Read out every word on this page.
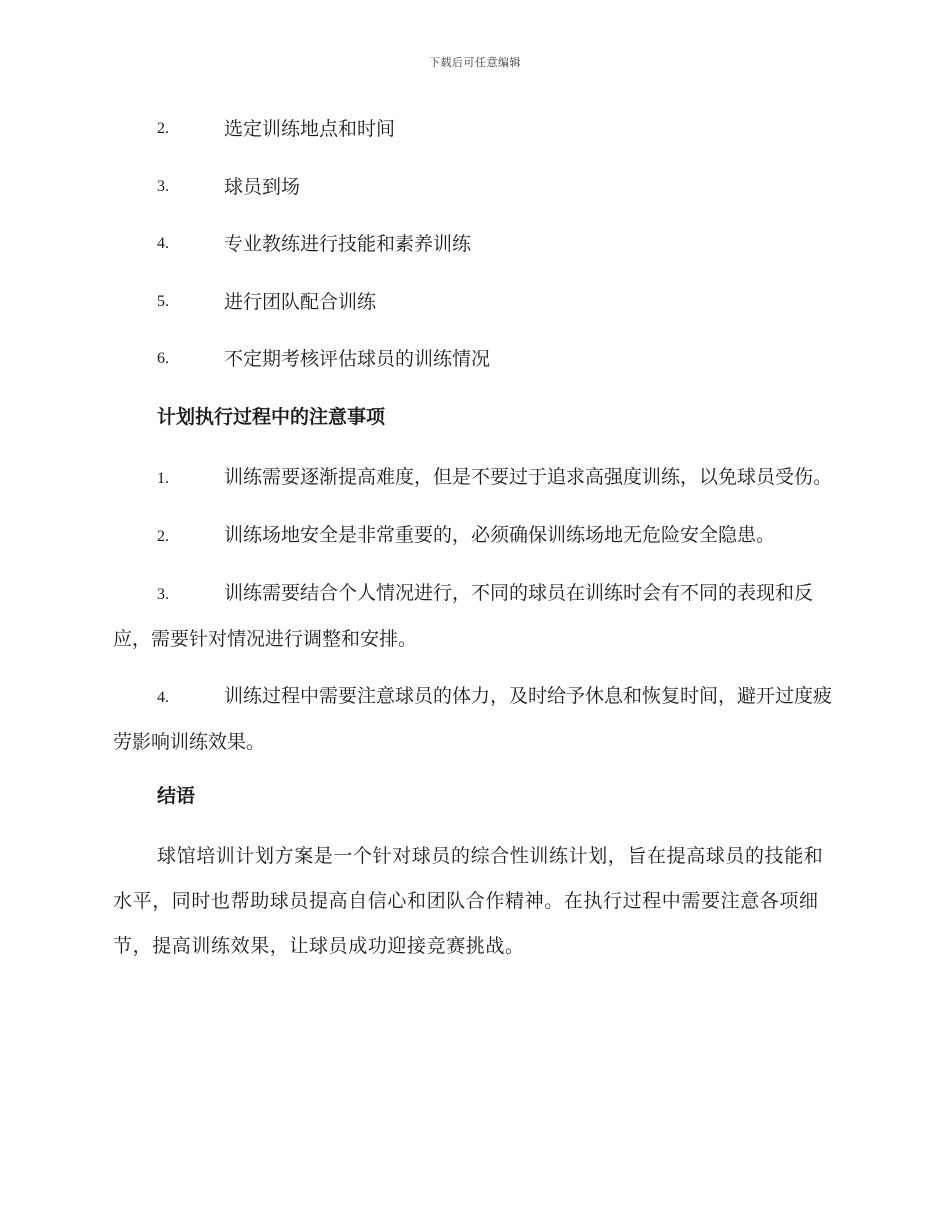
下载后可任意编辑
2.	选定训练地点和时间
3.	球员到场
4.	专业教练进行技能和素养训练
5.	进行团队配合训练
6.	不定期考核评估球员的训练情况
计划执行过程中的注意事项
1.	训练需要逐渐提高难度，但是不要过于追求高强度训练，以免球员受伤。
2.	训练场地安全是非常重要的，必须确保训练场地无危险安全隐患。
3.	训练需要结合个人情况进行，不同的球员在训练时会有不同的表现和反应，需要针对情况进行调整和安排。
4.	训练过程中需要注意球员的体力，及时给予休息和恢复时间，避开过度疲劳影响训练效果。
结语
球馆培训计划方案是一个针对球员的综合性训练计划，旨在提高球员的技能和水平，同时也帮助球员提高自信心和团队合作精神。在执行过程中需要注意各项细节，提高训练效果，让球员成功迎接竞赛挑战。
